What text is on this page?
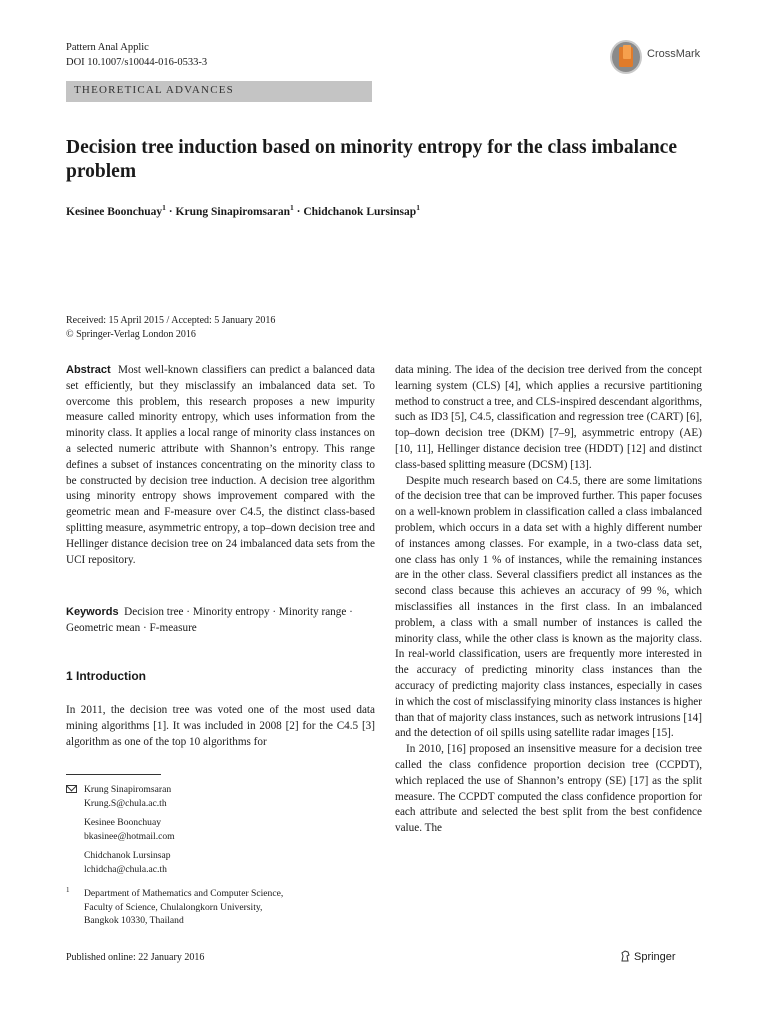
Pattern Anal Applic
DOI 10.1007/s10044-016-0533-3
CrossMark
THEORETICAL ADVANCES
Decision tree induction based on minority entropy for the class imbalance problem
Kesinee Boonchuay$^1$ · Krung Sinapiromsaran$^1$ · Chidchanok Lursinsap$^1$
Received: 15 April 2015 / Accepted: 5 January 2016
© Springer-Verlag London 2016

Abstract Most well-known classifiers can predict a balanced data set efficiently, but they misclassify an imbalanced data set. To overcome this problem, this research proposes a new impurity measure called minority entropy, which uses information from the minority class. It applies a local range of minority class instances on a selected numeric attribute with Shannon’s entropy. This range defines a subset of instances concentrating on the minority class to be constructed by decision tree induction. A decision tree algorithm using minority entropy shows improvement compared with the geometric mean and F-measure over C4.5, the distinct class-based splitting measure, asymmetric entropy, a top–down decision tree and Hellinger distance decision tree on 24 imbalanced data sets from the UCI repository.

Keywords Decision tree · Minority entropy · Minority range · Geometric mean · F-measure
1 Introduction
In 2011, the decision tree was voted one of the most used data mining algorithms [1]. It was included in 2008 [2] for the C4.5 [3] algorithm as one of the top 10 algorithms for
Krung Sinapiromsaran
Krung.S@chula.ac.th
Kesinee Boonchuay
bkasinee@hotmail.com
Chidchanok Lursinsap
lchidcha@chula.ac.th
1	Department of Mathematics and Computer Science,
Faculty of Science, Chulalongkorn University,
Bangkok 10330, Thailand

data mining. The idea of the decision tree derived from the concept learning system (CLS) [4], which applies a recursive partitioning method to construct a tree, and CLS-inspired descendant algorithms, such as ID3 [5], C4.5, classification and regression tree (CART) [6], top–down decision tree (DKM) [7–9], asymmetric entropy (AE) [10, 11], Hellinger distance decision tree (HDDT) [12] and distinct class-based splitting measure (DCSM) [13].

Despite much research based on C4.5, there are some limitations of the decision tree that can be improved further. This paper focuses on a well-known problem in classification called a class imbalanced problem, which occurs in a data set with a highly different number of instances among classes. For example, in a two-class data set, one class has only 1 % of instances, while the remaining instances are in the other class. Several classifiers predict all instances as the second class because this achieves an accuracy of 99 %, which misclassifies all instances in the first class. In an imbalanced problem, a class with a small number of instances is called the minority class, while the other class is known as the majority class. In real-world classification, users are frequently more interested in the accuracy of predicting minority class instances than the accuracy of predicting majority class instances, especially in cases in which the cost of misclassifying minority class instances is higher than that of majority class instances, such as network intrusions [14] and the detection of oil spills using satellite radar images [15].

In 2010, [16] proposed an insensitive measure for a decision tree called the class confidence proportion decision tree (CCPDT), which replaced the use of Shannon’s entropy (SE) [17] as the split measure. The CCPDT computed the class confidence proportion for each attribute and selected the best split from the best confidence value. The

Published online: 22 January 2016	Springer
